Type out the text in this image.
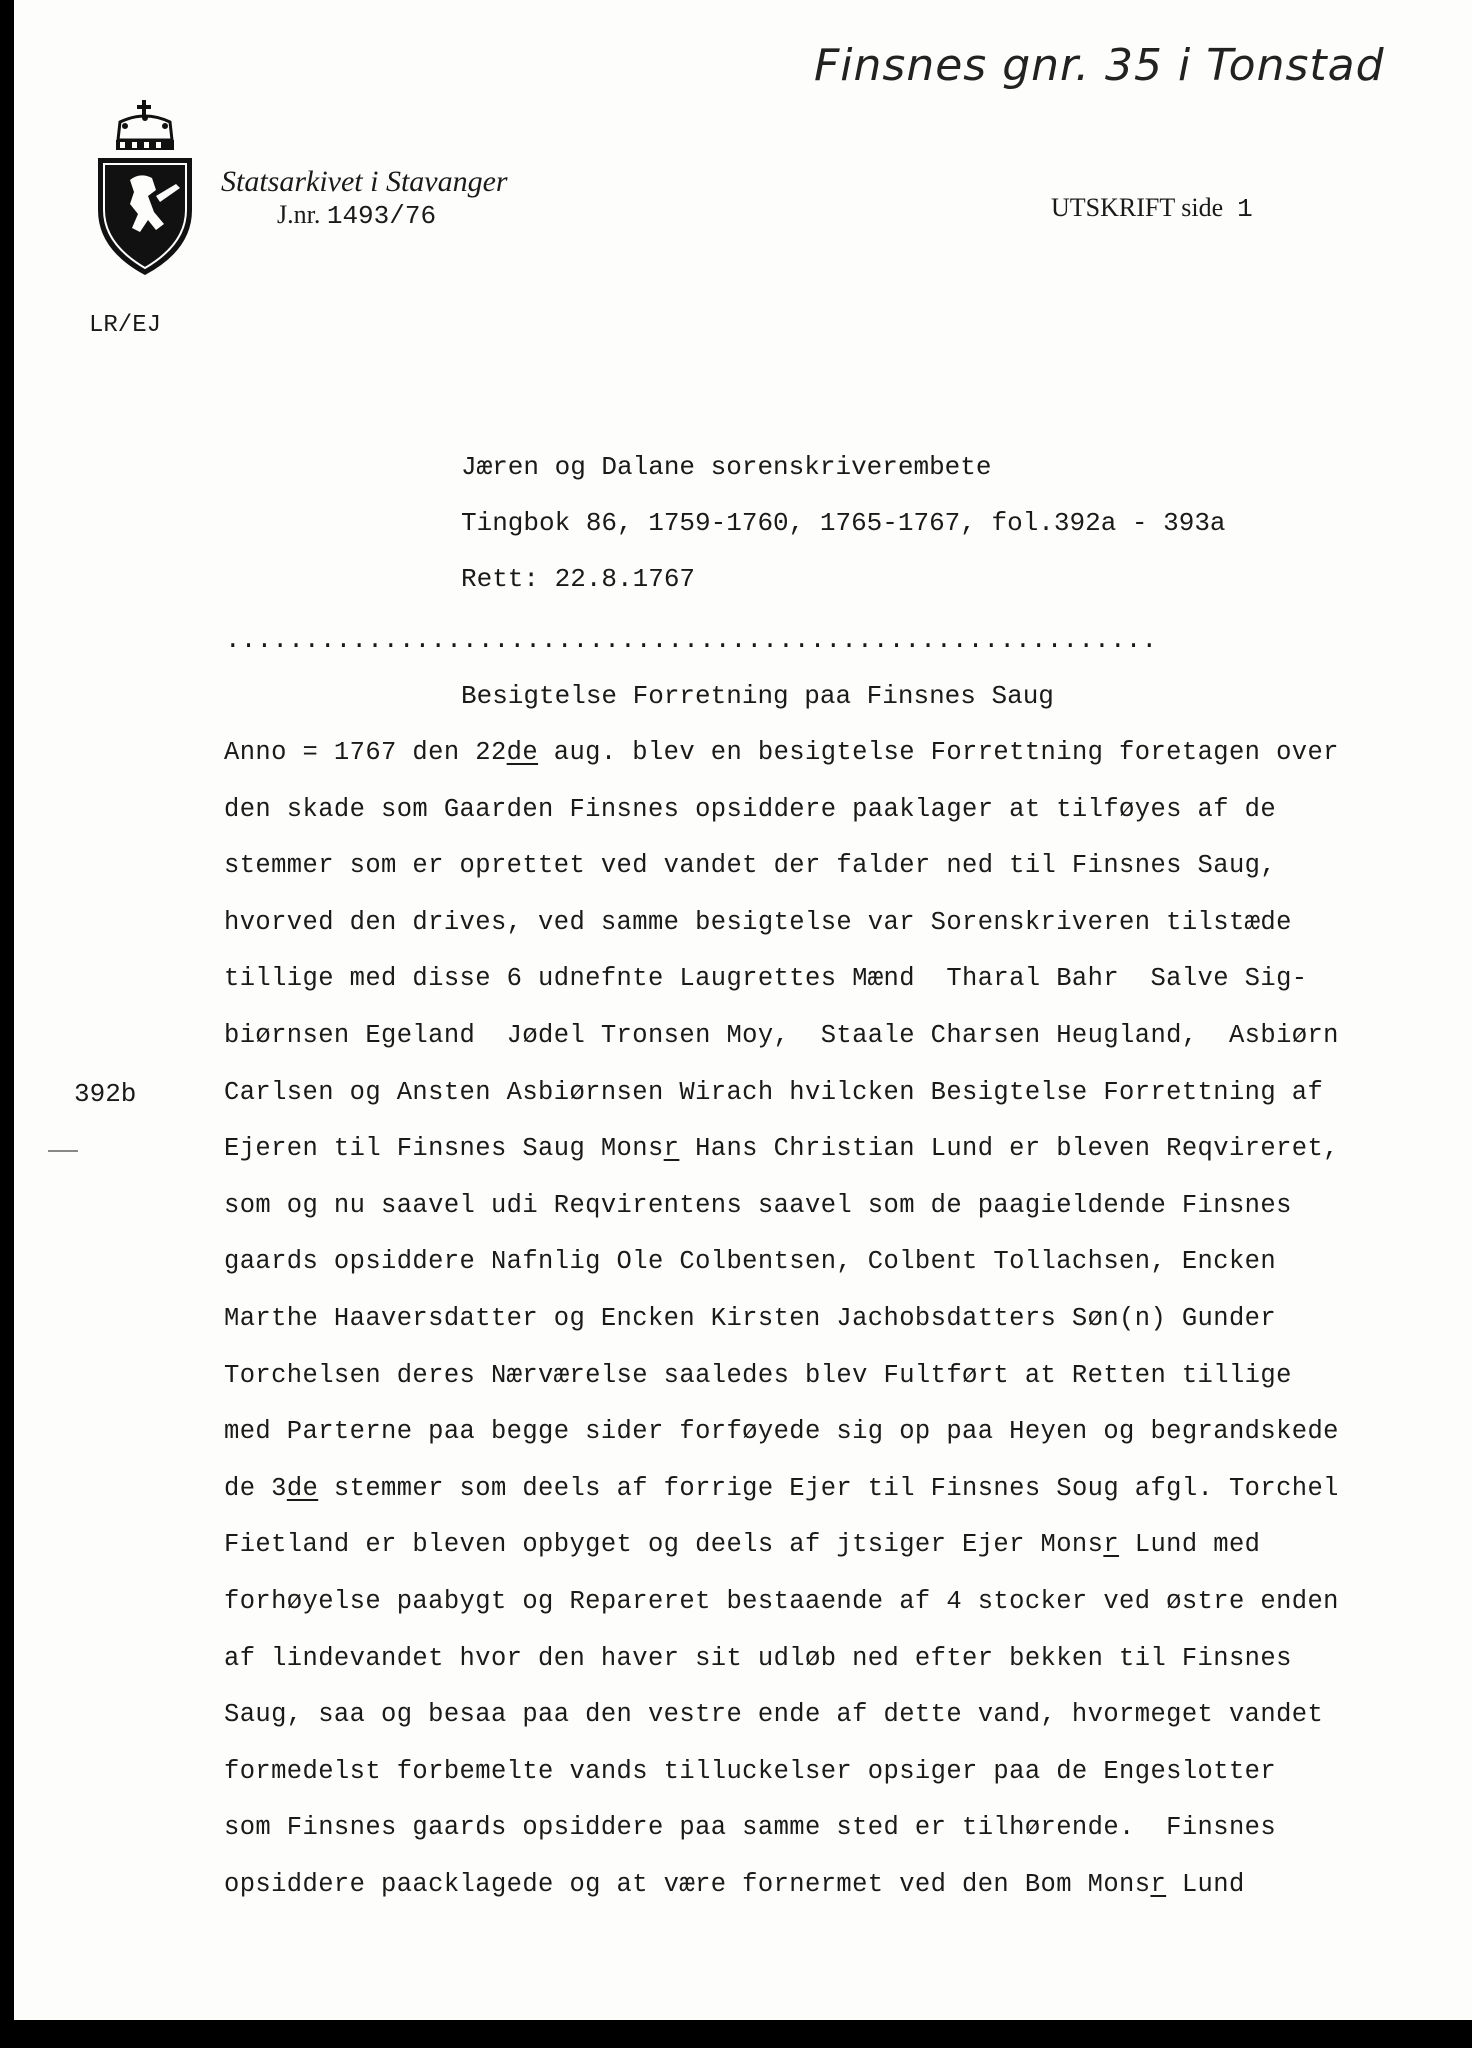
Finsnes gnr. 35 i Tonstad
Statsarkivet i Stavanger
J.nr. 1493/76	UTSKRIFT side 1
LR/EJ
Jæren og Dalane sorenskriverembete
Tingbok 86, 1759-1760, 1765-1767, fol.392a - 393a
Rett: 22.8.1767
...........................................................
Besigtelse Forretning paa Finsnes Saug
392b
Anno = 1767 den 22de aug. blev en besigtelse Forrettning foretagen over
den skade som Gaarden Finsnes opsiddere paaklager at tilføyes af de
stemmer som er oprettet ved vandet der falder ned til Finsnes Saug,
hvorved den drives, ved samme besigtelse var Sorenskriveren tilstæde
tillige med disse 6 udnefnte Laugrettes Mænd  Tharal Bahr  Salve Sig-
biørnsen Egeland  Jødel Tronsen Moy,  Staale Charsen Heugland,  Asbiørn
Carlsen og Ansten Asbiørnsen Wirach hvilcken Besigtelse Forrettning af
Ejeren til Finsnes Saug Monsr Hans Christian Lund er bleven Reqvireret,
som og nu saavel udi Reqvirentens saavel som de paagieldende Finsnes
gaards opsiddere Nafnlig Ole Colbentsen, Colbent Tollachsen, Encken
Marthe Haaversdatter og Encken Kirsten Jachobsdatters Søn(n) Gunder
Torchelsen deres Nærværelse saaledes blev Fultført at Retten tillige
med Parterne paa begge sider forføyede sig op paa Heyen og begrandskede
de 3de stemmer som deels af forrige Ejer til Finsnes Soug afgl. Torchel
Fietland er bleven opbyget og deels af jtsiger Ejer Monsr Lund med
forhøyelse paabygt og Repareret bestaaende af 4 stocker ved østre enden
af lindevandet hvor den haver sit udløb ned efter bekken til Finsnes
Saug, saa og besaa paa den vestre ende af dette vand, hvormeget vandet
formedelst forbemelte vands tilluckelser opsiger paa de Engeslotter
som Finsnes gaards opsiddere paa samme sted er tilhørende.  Finsnes
opsiddere paacklagede og at være fornermet ved den Bom Monsr Lund
